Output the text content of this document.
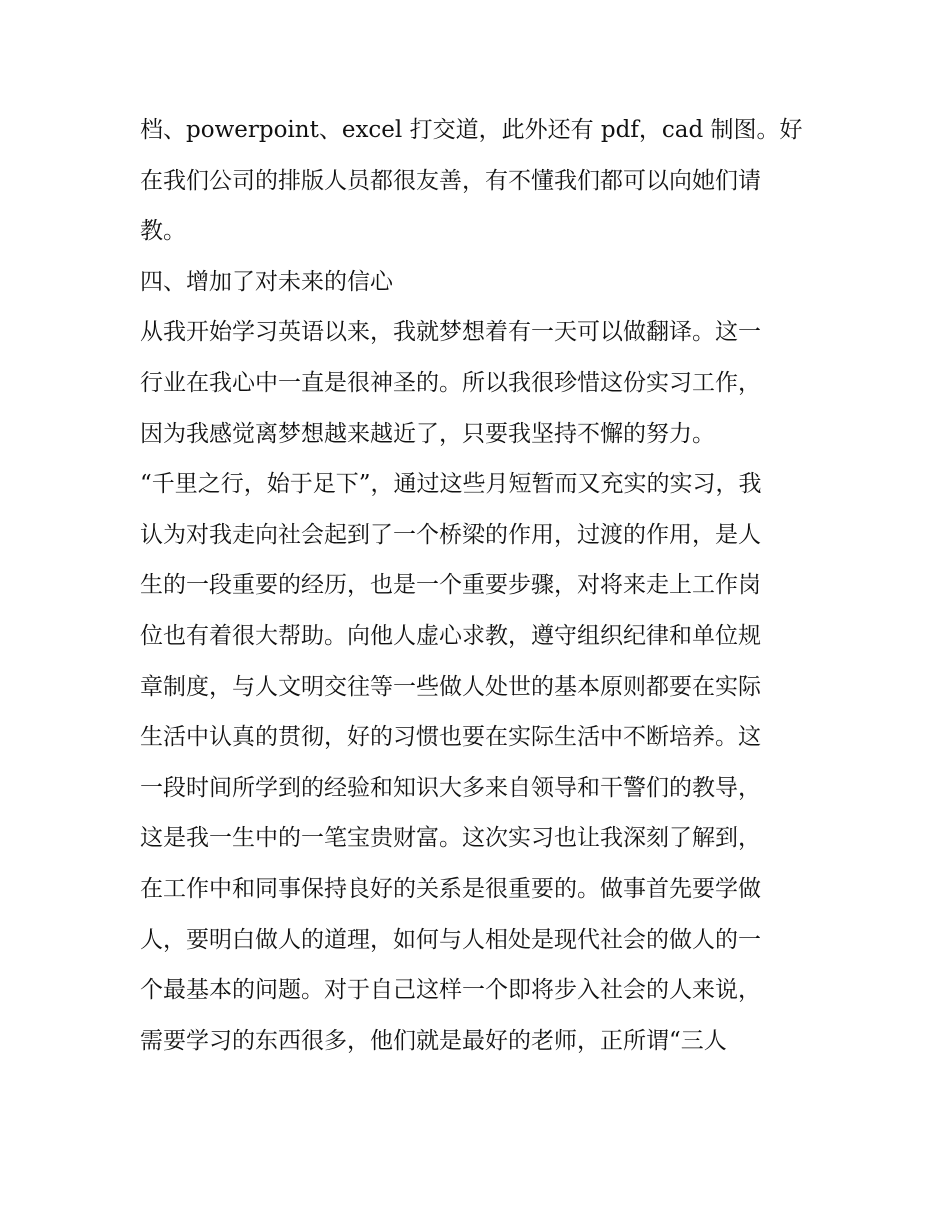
档、powerpoint、excel 打交道，此外还有 pdf，cad 制图。好
在我们公司的排版人员都很友善，有不懂我们都可以向她们请
教。
四、增加了对未来的信心
从我开始学习英语以来，我就梦想着有一天可以做翻译。这一
行业在我心中一直是很神圣的。所以我很珍惜这份实习工作，
因为我感觉离梦想越来越近了，只要我坚持不懈的努力。
“千里之行，始于足下”，通过这些月短暂而又充实的实习，我
认为对我走向社会起到了一个桥梁的作用，过渡的作用，是人
生的一段重要的经历，也是一个重要步骤，对将来走上工作岗
位也有着很大帮助。向他人虚心求教，遵守组织纪律和单位规
章制度，与人文明交往等一些做人处世的基本原则都要在实际
生活中认真的贯彻，好的习惯也要在实际生活中不断培养。这
一段时间所学到的经验和知识大多来自领导和干警们的教导，
这是我一生中的一笔宝贵财富。这次实习也让我深刻了解到，
在工作中和同事保持良好的关系是很重要的。做事首先要学做
人，要明白做人的道理，如何与人相处是现代社会的做人的一
个最基本的问题。对于自己这样一个即将步入社会的人来说，
需要学习的东西很多，他们就是最好的老师，正所谓“三人
